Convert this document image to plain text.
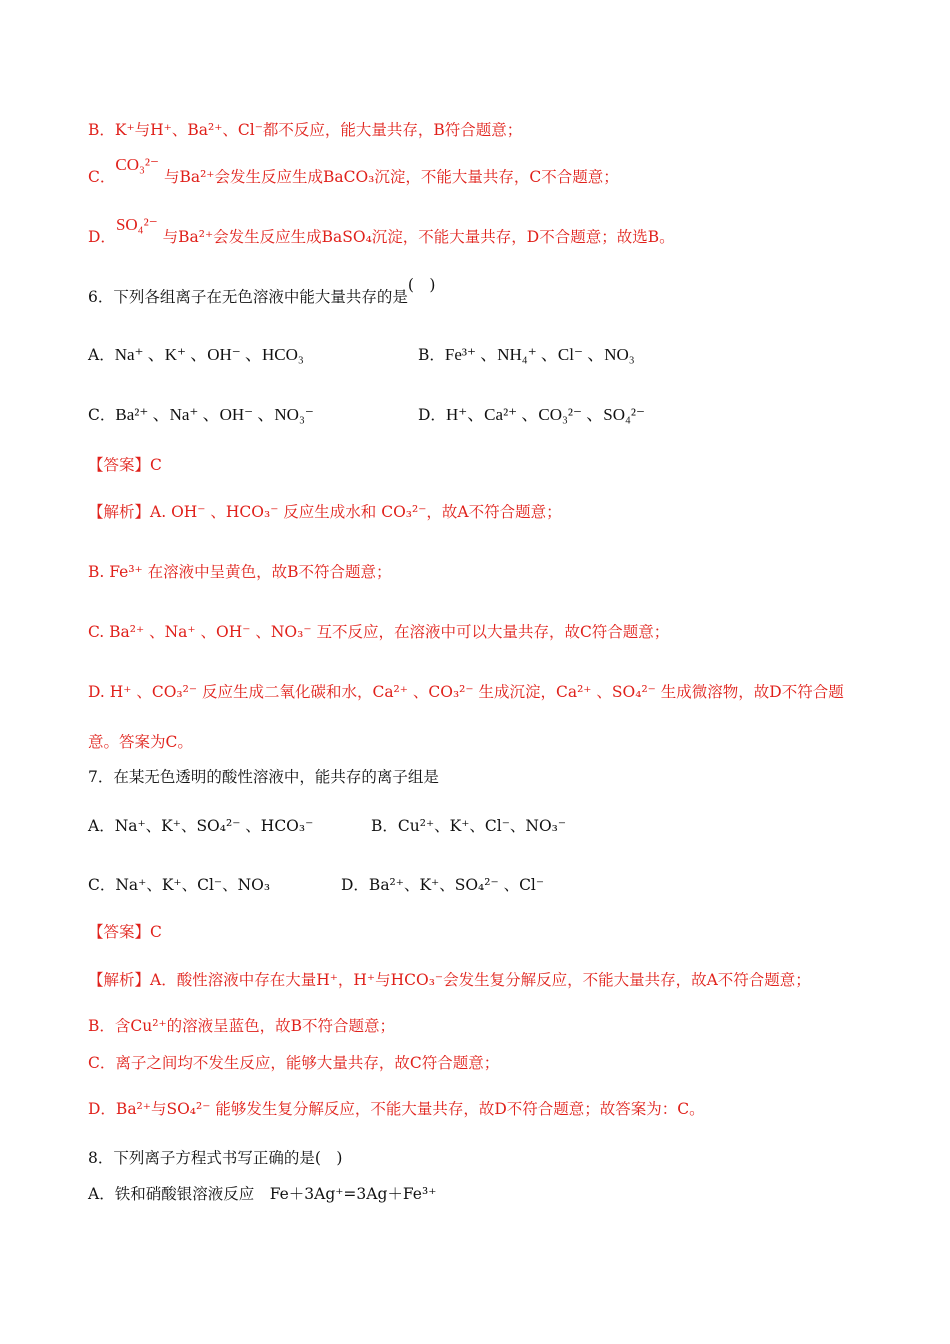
B．K⁺与H⁺、Ba²⁺、Cl⁻都不反应，能大量共存，B符合题意；
C．CO₃²⁻ 与Ba²⁺会发生反应生成BaCO₃沉淀，不能大量共存，C不合题意；
D．SO₄²⁻ 与Ba²⁺会发生反应生成BaSO₄沉淀，不能大量共存，D不合题意；故选B。
6．下列各组离子在无色溶液中能大量共存的是(　)
A．Na⁺ 、K⁺ 、OH⁻ 、HCO₃	B．Fe³⁺ 、NH₄⁺ 、Cl⁻ 、NO₃
C．Ba²⁺ 、Na⁺ 、OH⁻ 、NO₃⁻	D．H⁺、Ca²⁺ 、CO₃²⁻ 、SO₄²⁻
【答案】C
【解析】A. OH⁻ 、HCO₃⁻ 反应生成水和 CO₃²⁻，故A不符合题意；
B. Fe³⁺ 在溶液中呈黄色，故B不符合题意；
C. Ba²⁺ 、Na⁺ 、OH⁻ 、NO₃⁻ 互不反应，在溶液中可以大量共存，故C符合题意；
D. H⁺ 、CO₃²⁻ 反应生成二氧化碳和水，Ca²⁺ 、CO₃²⁻ 生成沉淀，Ca²⁺ 、SO₄²⁻ 生成微溶物，故D不符合题
意。答案为C。
7．在某无色透明的酸性溶液中，能共存的离子组是
A．Na⁺、K⁺、SO₄²⁻ 、HCO₃⁻	B．Cu²⁺、K⁺、Cl⁻、NO₃⁻
C．Na⁺、K⁺、Cl⁻、NO₃	D．Ba²⁺、K⁺、SO₄²⁻ 、Cl⁻
【答案】C
【解析】A．酸性溶液中存在大量H⁺，H⁺与HCO₃⁻会发生复分解反应，不能大量共存，故A不符合题意；
B．含Cu²⁺的溶液呈蓝色，故B不符合题意；
C．离子之间均不发生反应，能够大量共存，故C符合题意；
D．Ba²⁺与SO₄²⁻ 能够发生复分解反应，不能大量共存，故D不符合题意；故答案为：C。
8．下列离子方程式书写正确的是(　)
A．铁和硝酸银溶液反应　Fe＋3Ag⁺=3Ag＋Fe³⁺
